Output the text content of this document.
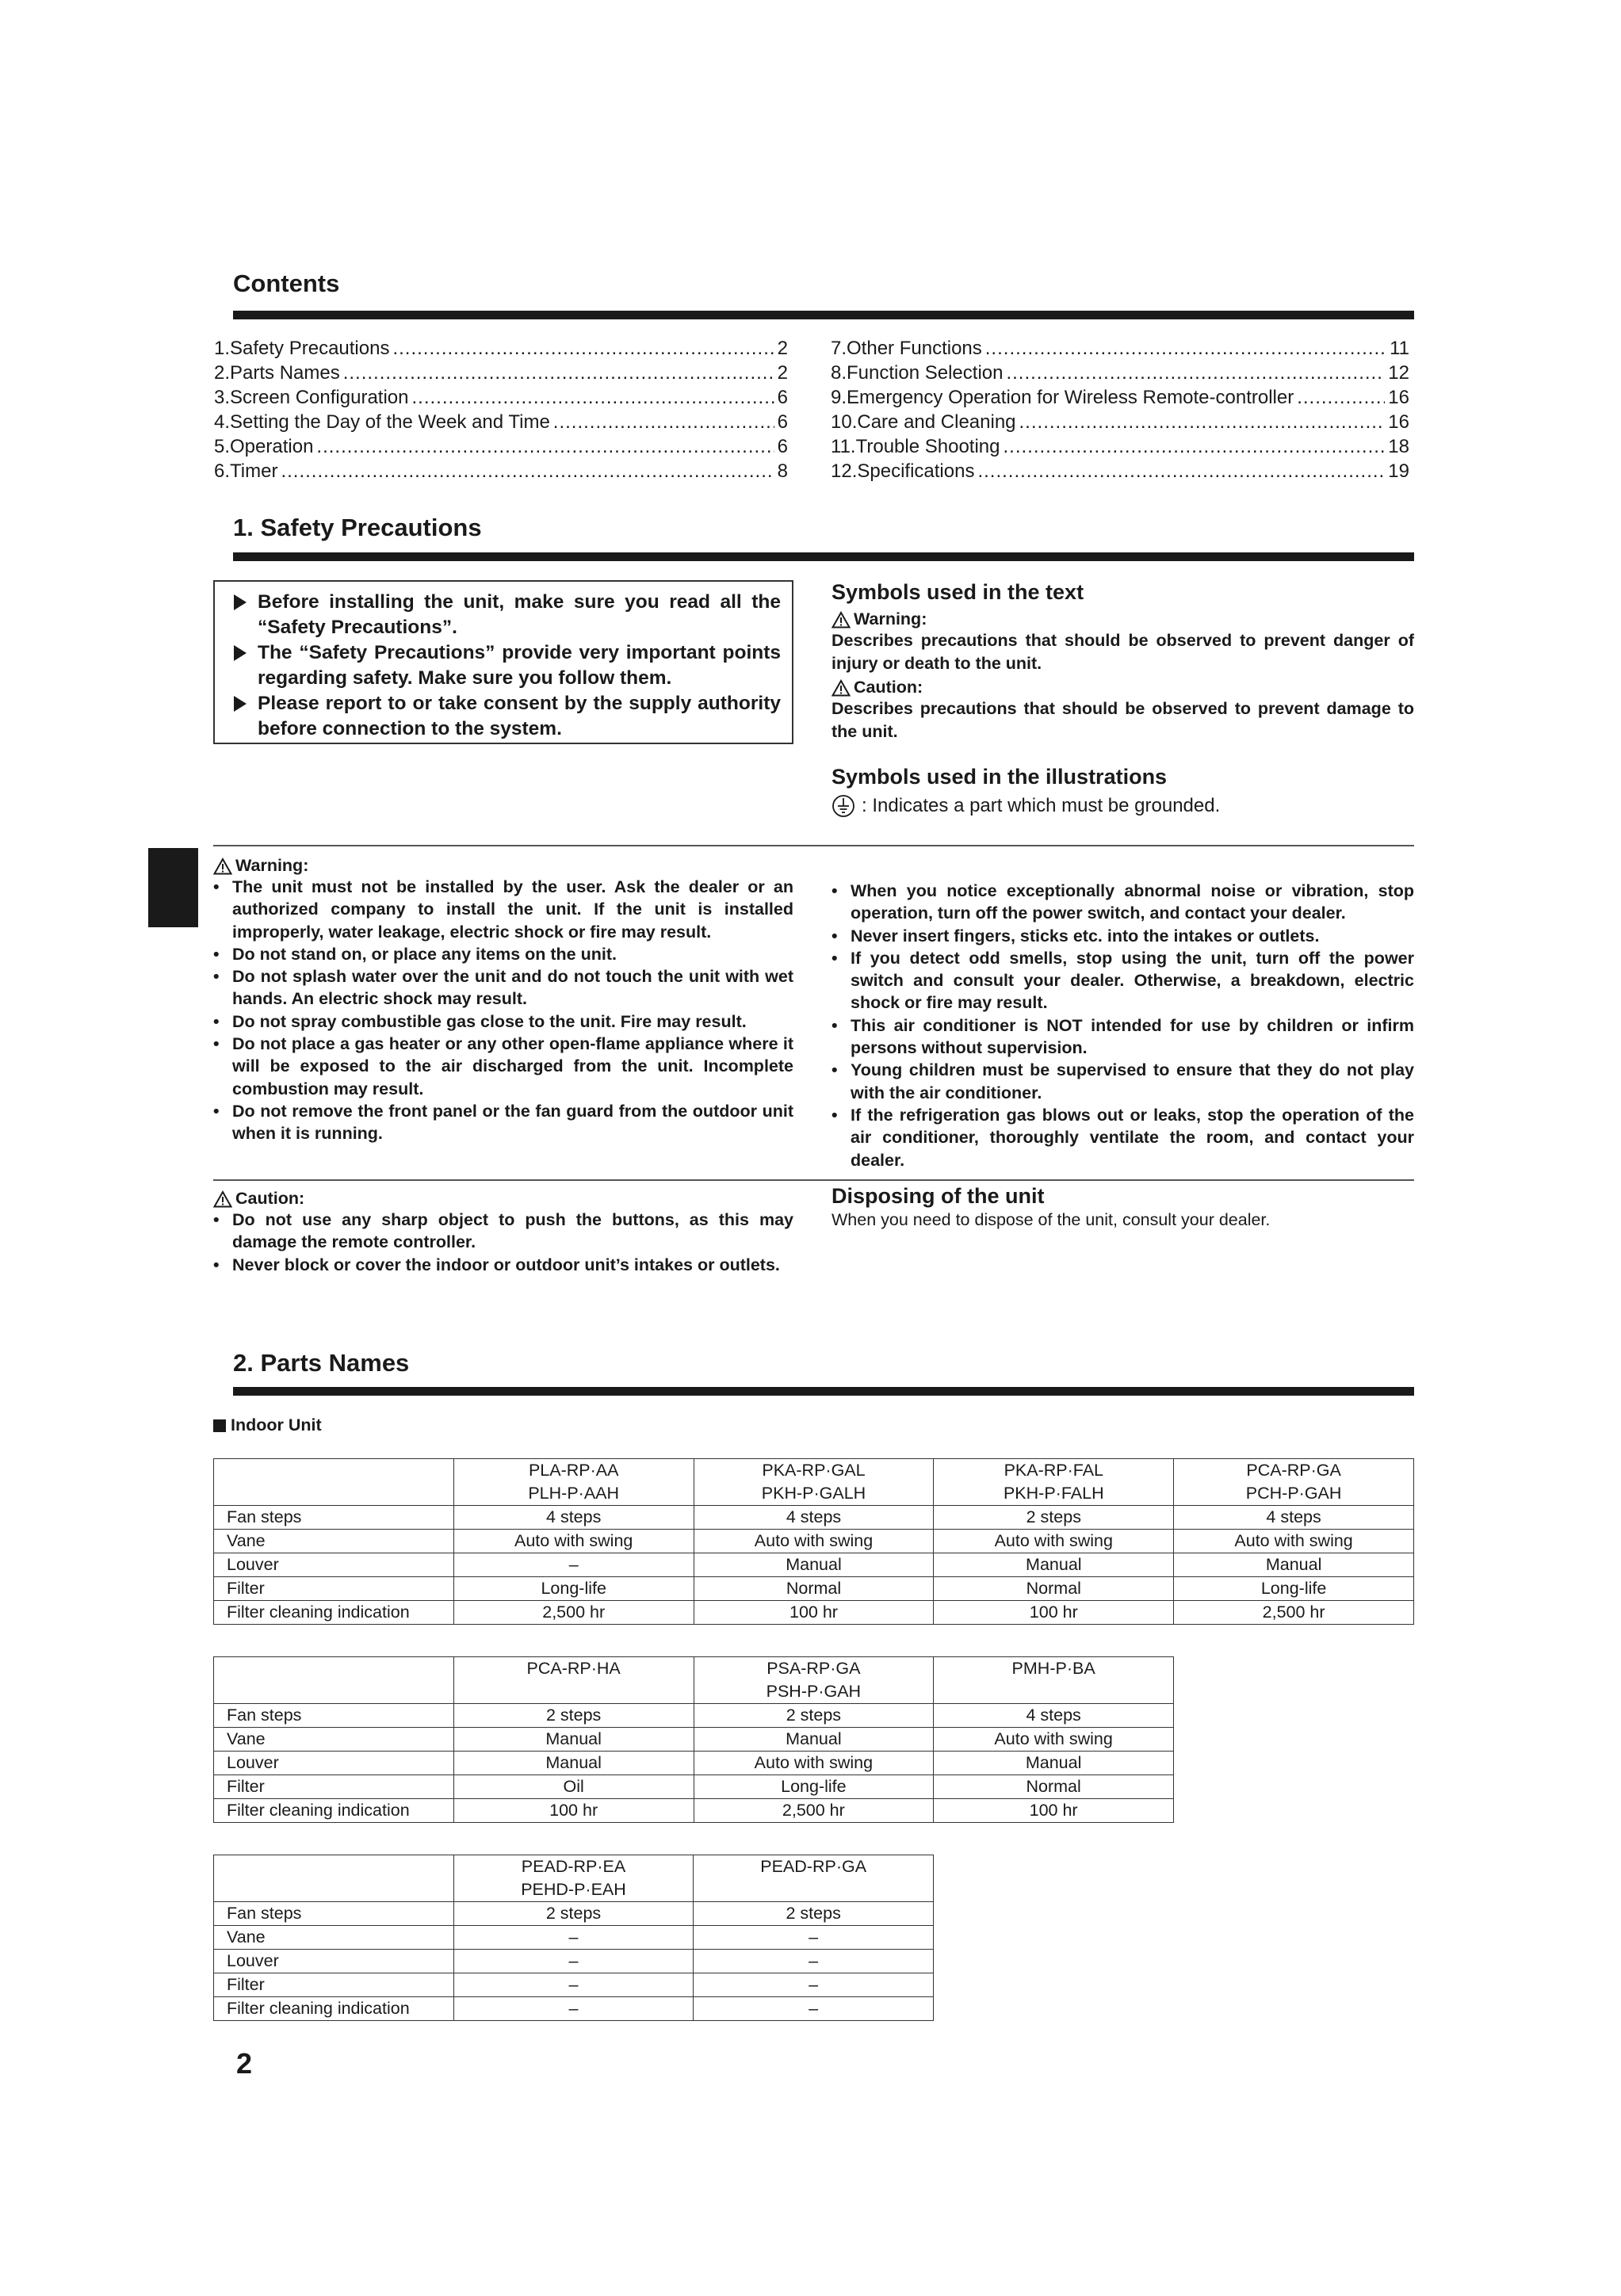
Contents
1. Safety Precautions .....	2
2. Parts Names .....	2
3. Screen Configuration .....	6
4. Setting the Day of the Week and Time .....	6
5. Operation .....	6
6. Timer .....	8
7. Other Functions .....	11
8. Function Selection .....	12
9. Emergency Operation for Wireless Remote-controller .....	16
10. Care and Cleaning .....	16
11. Trouble Shooting .....	18
12. Specifications .....	19
1. Safety Precautions
Before installing the unit, make sure you read all the “Safety Precautions”.
The “Safety Precautions” provide very important points regarding safety. Make sure you follow them.
Please report to or take consent by the supply authority before connection to the system.
Symbols used in the text
Warning:
Describes precautions that should be observed to prevent danger of injury or death to the unit.
Caution:
Describes precautions that should be observed to prevent damage to the unit.
Symbols used in the illustrations
: Indicates a part which must be grounded.
Warning:
• The unit must not be installed by the user. Ask the dealer or an authorized company to install the unit. If the unit is installed improperly, water leakage, electric shock or fire may result.
• Do not stand on, or place any items on the unit.
• Do not splash water over the unit and do not touch the unit with wet hands. An electric shock may result.
• Do not spray combustible gas close to the unit. Fire may result.
• Do not place a gas heater or any other open-flame appliance where it will be exposed to the air discharged from the unit. Incomplete combustion may result.
• Do not remove the front panel or the fan guard from the outdoor unit when it is running.
• When you notice exceptionally abnormal noise or vibration, stop operation, turn off the power switch, and contact your dealer.
• Never insert fingers, sticks etc. into the intakes or outlets.
• If you detect odd smells, stop using the unit, turn off the power switch and consult your dealer. Otherwise, a breakdown, electric shock or fire may result.
• This air conditioner is NOT intended for use by children or infirm persons without supervision.
• Young children must be supervised to ensure that they do not play with the air conditioner.
• If the refrigeration gas blows out or leaks, stop the operation of the air conditioner, thoroughly ventilate the room, and contact your dealer.
Caution:
• Do not use any sharp object to push the buttons, as this may damage the remote controller.
• Never block or cover the indoor or outdoor unit’s intakes or outlets.
Disposing of the unit
When you need to dispose of the unit, consult your dealer.
2. Parts Names
Indoor Unit
	PLA-RP·AA	PKA-RP·GAL	PKA-RP·FAL	PCA-RP·GA
	PLH-P·AAH	PKH-P·GALH	PKH-P·FALH	PCH-P·GAH
Fan steps	4 steps	4 steps	2 steps	4 steps
Vane	Auto with swing	Auto with swing	Auto with swing	Auto with swing
Louver	–	Manual	Manual	Manual
Filter	Long-life	Normal	Normal	Long-life
Filter cleaning indication	2,500 hr	100 hr	100 hr	2,500 hr
	PCA-RP·HA	PSA-RP·GA	PMH-P·BA
		PSH-P·GAH	
Fan steps	2 steps	2 steps	4 steps
Vane	Manual	Manual	Auto with swing
Louver	Manual	Auto with swing	Manual
Filter	Oil	Long-life	Normal
Filter cleaning indication	100 hr	2,500 hr	100 hr
	PEAD-RP·EA	PEAD-RP·GA
	PEHD-P·EAH	
Fan steps	2 steps	2 steps
Vane	–	–
Louver	–	–
Filter	–	–
Filter cleaning indication	–	–
2
